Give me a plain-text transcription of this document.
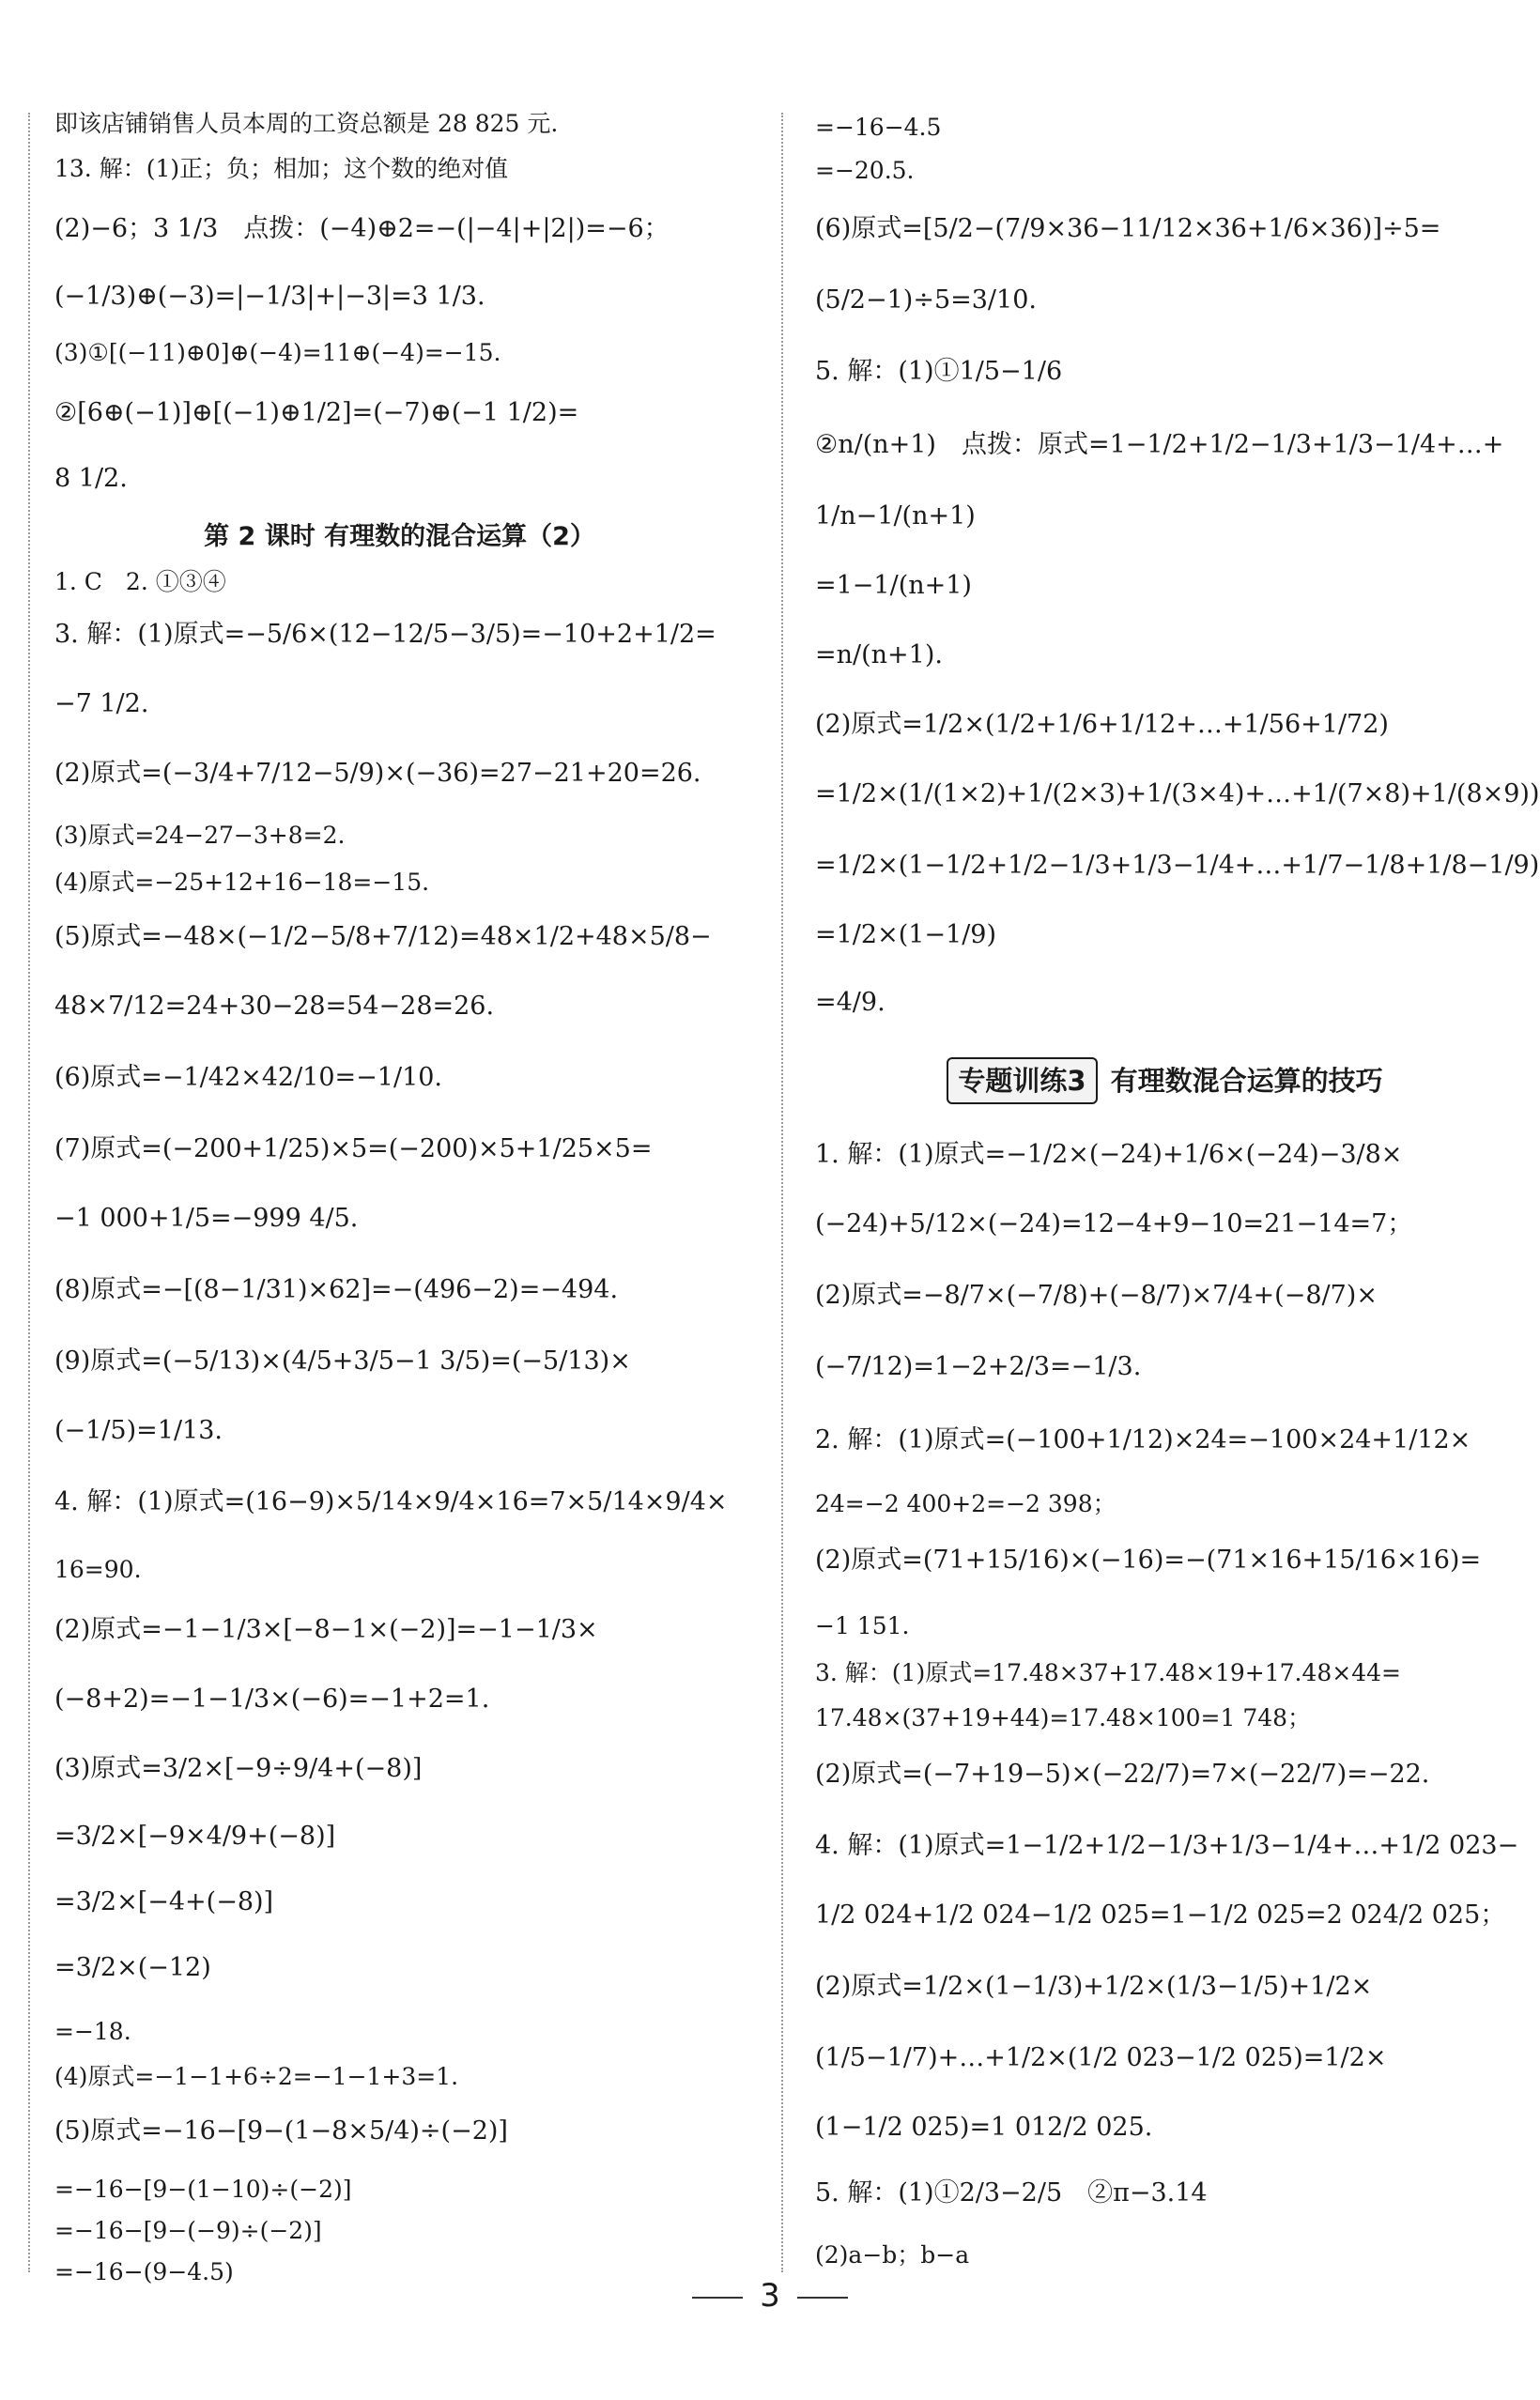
即该店铺销售人员本周的工资总额是 28 825 元.
13. 解：(1)正；负；相加；这个数的绝对值
(2)−6；3 1/3　点拨：(−4)⊕2=−(|−4|+|2|)=−6；
(−1/3)⊕(−3)=|−1/3|+|−3|=3 1/3.
(3)①[(−11)⊕0]⊕(−4)=11⊕(−4)=−15.
②[6⊕(−1)]⊕[(−1)⊕1/2]=(−7)⊕(−1 1/2)=
8 1/2.
第 2 课时 有理数的混合运算（2）
1. C　2. ①③④
3. 解：(1)原式=−5/6×(12−12/5−3/5)=−10+2+1/2=
−7 1/2.
(2)原式=(−3/4+7/12−5/9)×(−36)=27−21+20=26.
(3)原式=24−27−3+8=2.
(4)原式=−25+12+16−18=−15.
(5)原式=−48×(−1/2−5/8+7/12)=48×1/2+48×5/8−
48×7/12=24+30−28=54−28=26.
(6)原式=−1/42×42/10=−1/10.
(7)原式=(−200+1/25)×5=(−200)×5+1/25×5=
−1 000+1/5=−999 4/5.
(8)原式=−[(8−1/31)×62]=−(496−2)=−494.
(9)原式=(−5/13)×(4/5+3/5−1 3/5)=(−5/13)×
(−1/5)=1/13.
4. 解：(1)原式=(16−9)×5/14×9/4×16=7×5/14×9/4×
16=90.
(2)原式=−1−1/3×[−8−1×(−2)]=−1−1/3×
(−8+2)=−1−1/3×(−6)=−1+2=1.
(3)原式=3/2×[−9÷9/4+(−8)]
=3/2×[−9×4/9+(−8)]
=3/2×[−4+(−8)]
=3/2×(−12)
=−18.
(4)原式=−1−1+6÷2=−1−1+3=1.
(5)原式=−16−[9−(1−8×5/4)÷(−2)]
=−16−[9−(1−10)÷(−2)]
=−16−[9−(−9)÷(−2)]
=−16−(9−4.5)
=−16−4.5
=−20.5.
(6)原式=[5/2−(7/9×36−11/12×36+1/6×36)]÷5=
(5/2−1)÷5=3/10.
5. 解：(1)①1/5−1/6
②n/(n+1)　点拨：原式=1−1/2+1/2−1/3+1/3−1/4+…+
1/n−1/(n+1)
=1−1/(n+1)
=n/(n+1).
(2)原式=1/2×(1/2+1/6+1/12+…+1/56+1/72)
=1/2×(1/(1×2)+1/(2×3)+1/(3×4)+…+1/(7×8)+1/(8×9))
=1/2×(1−1/2+1/2−1/3+1/3−1/4+…+1/7−1/8+1/8−1/9)
=1/2×(1−1/9)
=4/9.
专题训练3 有理数混合运算的技巧
1. 解：(1)原式=−1/2×(−24)+1/6×(−24)−3/8×
(−24)+5/12×(−24)=12−4+9−10=21−14=7；
(2)原式=−8/7×(−7/8)+(−8/7)×7/4+(−8/7)×
(−7/12)=1−2+2/3=−1/3.
2. 解：(1)原式=(−100+1/12)×24=−100×24+1/12×
24=−2 400+2=−2 398；
(2)原式=(71+15/16)×(−16)=−(71×16+15/16×16)=
−1 151.
3. 解：(1)原式=17.48×37+17.48×19+17.48×44=
17.48×(37+19+44)=17.48×100=1 748；
(2)原式=(−7+19−5)×(−22/7)=7×(−22/7)=−22.
4. 解：(1)原式=1−1/2+1/2−1/3+1/3−1/4+…+1/2 023−
1/2 024+1/2 024−1/2 025=1−1/2 025=2 024/2 025；
(2)原式=1/2×(1−1/3)+1/2×(1/3−1/5)+1/2×
(1/5−1/7)+…+1/2×(1/2 023−1/2 025)=1/2×
(1−1/2 025)=1 012/2 025.
5. 解：(1)①2/3−2/5　②π−3.14
(2)a−b；b−a
3
